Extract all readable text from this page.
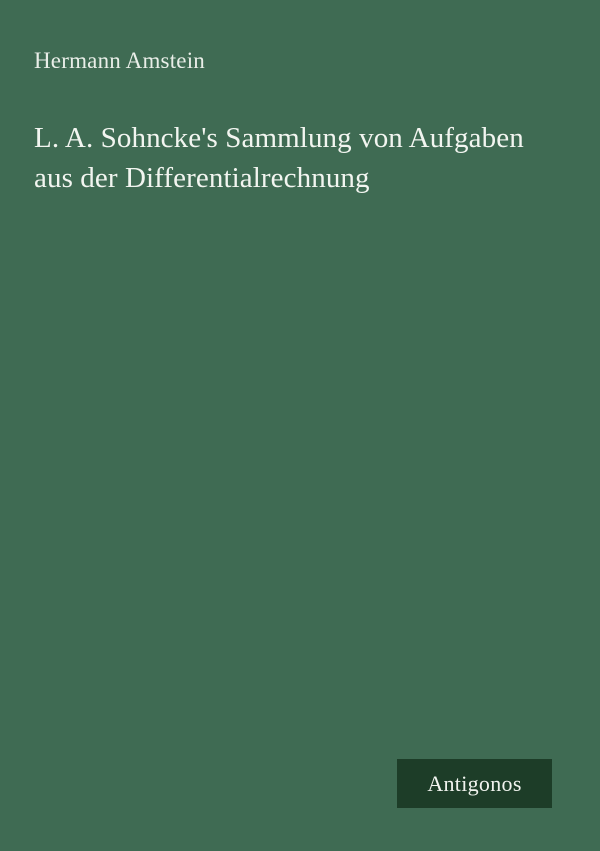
Hermann Amstein
L. A. Sohncke's Sammlung von Aufgaben aus der Differentialrechnung
Antigonos
